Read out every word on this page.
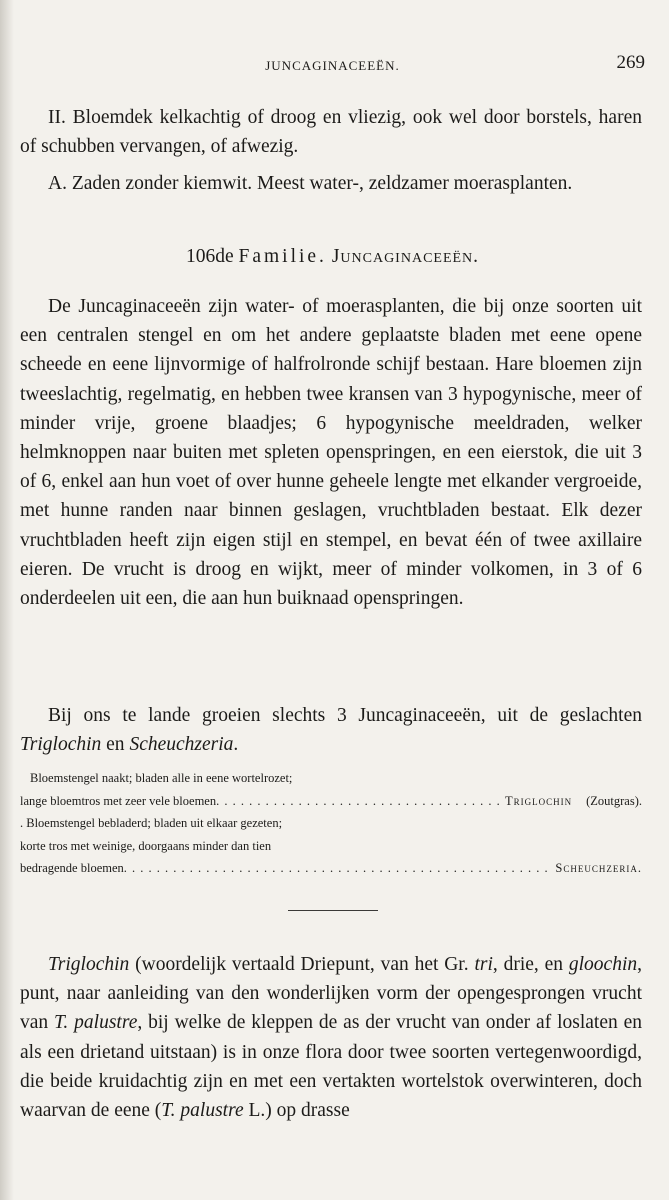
JUNCAGINACEEËN.	269

II. Bloemdek kelkachtig of droog en vliezig, ook wel door borstels, haren of schubben vervangen, of afwezig.

A. Zaden zonder kiemwit. Meest water-, zeldzamer moerasplanten.

106de Familie. Juncaginaceeën.

De Juncaginaceeën zijn water- of moerasplanten, die bij onze soorten uit een centralen stengel en om het andere geplaatste bladen met eene opene scheede en eene lijnvormige of halfrolronde schijf bestaan. Hare bloemen zijn tweeslachtig, regelmatig, en hebben twee kransen van 3 hypogynische, meer of minder vrije, groene blaadjes; 6 hypogynische meeldraden, welker helmknoppen naar buiten met spleten openspringen, en een eierstok, die uit 3 of 6, enkel aan hun voet of over hunne geheele lengte met elkander vergroeide, met hunne randen naar binnen geslagen, vruchtbladen bestaat. Elk dezer vruchtbladen heeft zijn eigen stijl en stempel, en bevat één of twee axillaire eieren. De vrucht is droog en wijkt, meer of minder volkomen, in 3 of 6 onderdeelen uit een, die aan hun buiknaad openspringen.

Bij ons te lande groeien slechts 3 Juncaginaceeën, uit de geslachten Triglochin en Scheuchzeria.

Bloemstengel naakt; bladen alle in eene wortelrozet;
lange bloemtros met zeer vele bloemen . . .	Triglochin (Zoutgras).
. Bloemstengel bebladerd; bladen uit elkaar gezeten;
korte tros met weinige, doorgaans minder dan tien
bedragende bloemen . . .	Scheuchzeria.

Triglochin (woordelijk vertaald Driepunt, van het Gr. tri, drie, en gloochin, punt, naar aanleiding van den wonderlijken vorm der opengesprongen vrucht van T. palustre, bij welke de kleppen de as der vrucht van onder af loslaten en als een drietand uitstaan) is in onze flora door twee soorten vertegenwoordigd, die beide kruidachtig zijn en met een vertakten wortelstok overwinteren, doch waarvan de eene (T. palustre L.) op drasse
